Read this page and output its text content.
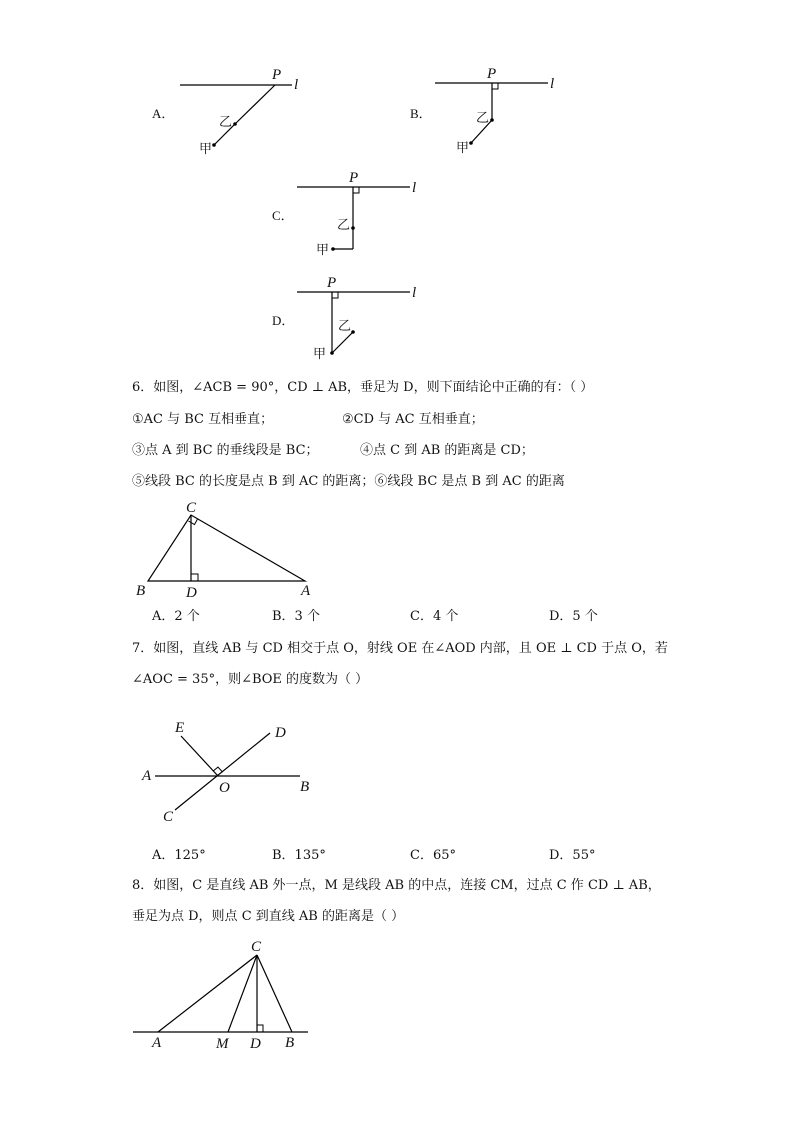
A．
P
l
乙
甲
B．
P
l
乙
甲
C．
P
l
乙
甲
D．
P
l
乙
甲
C
B	D	A
E	D
A
O	B
C
C
A	M D B
6．如图，∠ACB = 90°，CD ⊥ AB，垂足为 D，则下面结论中正确的有：（ ）
①AC 与 BC 互相垂直；	②CD 与 AC 互相垂直；
③点 A 到 BC 的垂线段是 BC；	④点 C 到 AB 的距离是 CD；
⑤线段 BC 的长度是点 B 到 AC 的距离；⑥线段 BC 是点 B 到 AC 的距离
A．2 个	B．3 个	C．4 个	D．5 个
7．如图，直线 AB 与 CD 相交于点 O，射线 OE 在∠AOD 内部，且 OE ⊥ CD 于点 O，若
∠AOC = 35°，则∠BOE 的度数为（ ）
A．125°	B．135°	C．65°	D．55°
8．如图，C 是直线 AB 外一点，M 是线段 AB 的中点，连接 CM，过点 C 作 CD ⊥ AB，
垂足为点 D，则点 C 到直线 AB 的距离是（ ）
